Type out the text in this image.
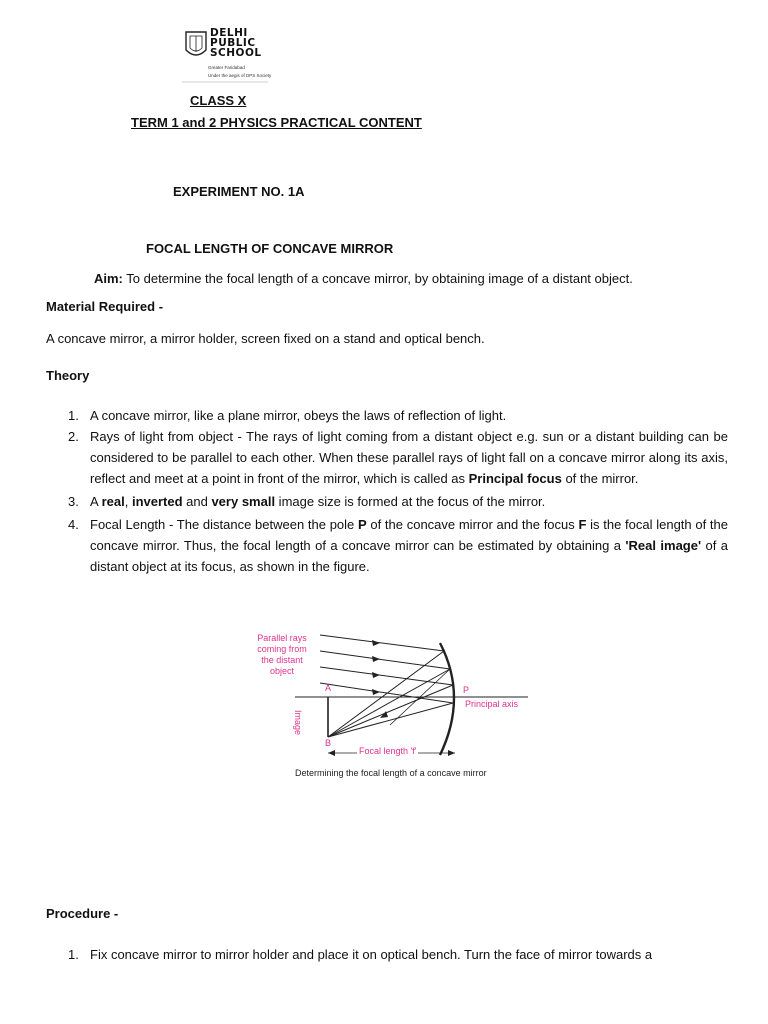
DELHI
PUBLIC
SCHOOL
Greater Faridabad
Under the aegis of DPS Society
CLASS X
TERM 1 and 2 PHYSICS PRACTICAL CONTENT
EXPERIMENT NO. 1A
FOCAL LENGTH OF CONCAVE MIRROR
Aim: To determine the focal length of a concave mirror, by obtaining image of a distant object.
Material Required -
A concave mirror, a mirror holder, screen fixed on a stand and optical bench.
Theory
1. A concave mirror, like a plane mirror, obeys the laws of reflection of light.
2. Rays of light from object - The rays of light coming from a distant object e.g. sun or a distant building can be considered to be parallel to each other. When these parallel rays of light fall on a concave mirror along its axis, reflect and meet at a point in front of the mirror, which is called as Principal focus of the mirror.
3. A real, inverted and very small image size is formed at the focus of the mirror.
4. Focal Length - The distance between the pole P of the concave mirror and the focus F is the focal length of the concave mirror. Thus, the focal length of a concave mirror can be estimated by obtaining a 'Real image' of a distant object at its focus, as shown in the figure.
Parallel rays
coming from
the distant
object
A
B
P
Image
Principal axis
Focal length 'f'
Determining the focal length of a concave mirror
Procedure -
1. Fix concave mirror to mirror holder and place it on optical bench. Turn the face of mirror towards a
